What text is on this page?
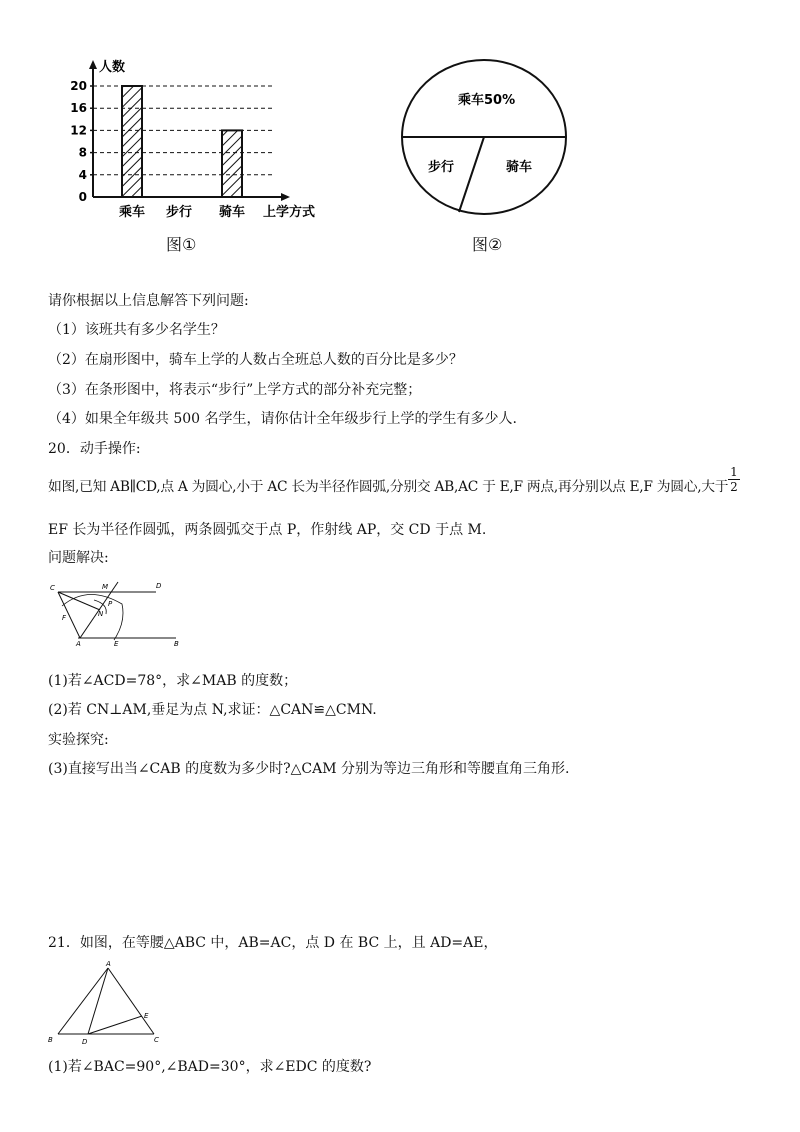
人数
上学方式
0
4
8
12
16
20
乘车 步行 骑车
图①
乘车50%
步行	骑车
图②
请你根据以上信息解答下列问题:
（1）该班共有多少名学生？
（2）在扇形图中，骑车上学的人数占全班总人数的百分比是多少？
（3）在条形图中，将表示“步行”上学方式的部分补充完整；
（4）如果全年级共 500 名学生，请你估计全年级步行上学的学生有多少人.
20．动手操作:
如图,已知 AB∥CD,点 A 为圆心,小于 AC 长为半径作圆弧,分别交 AB,AC 于 E,F 两点,再分别以点 E,F 为圆心,大于
1
2
EF 长为半径作圆弧，两条圆弧交于点 P，作射线 AP，交 CD 于点 M.
问题解决:
C	D
M
P
N
F
A	E	B
(1)若∠ACD=78°，求∠MAB 的度数；
(2)若 CN⊥AM,垂足为点 N,求证：△CAN≌△CMN.
实验探究:
(3)直接写出当∠CAB 的度数为多少时?△CAM 分别为等边三角形和等腰直角三角形.
21．如图，在等腰△ABC 中，AB=AC，点 D 在 BC 上，且 AD=AE，
A
B	D	C
E
(1)若∠BAC=90°,∠BAD=30°，求∠EDC 的度数?
